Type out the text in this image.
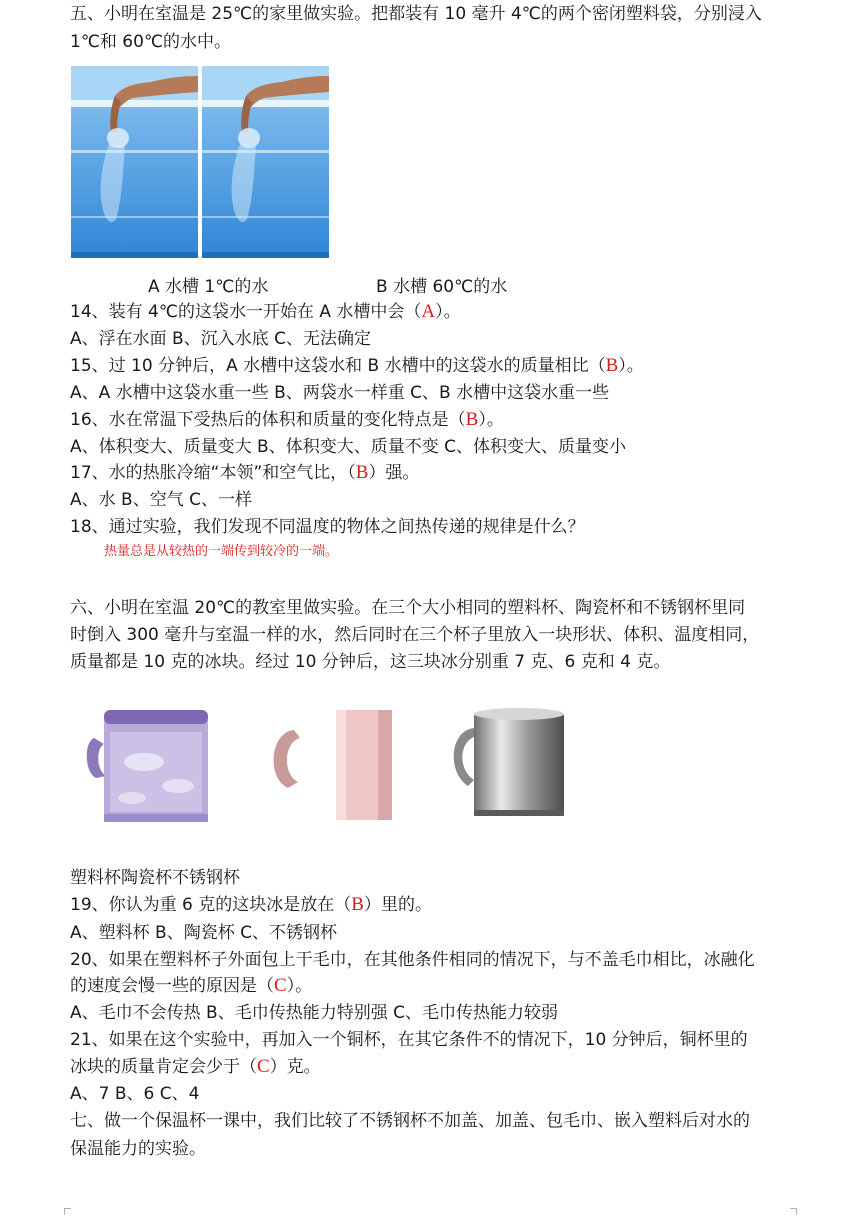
五、小明在室温是 25℃的家里做实验。把都装有 10 毫升 4℃的两个密闭塑料袋，分别浸入
1℃和 60℃的水中。
A 水槽 1℃的水	B 水槽 60℃的水
14、装有 4℃的这袋水一开始在 A 水槽中会（A）。
A、浮在水面 B、沉入水底 C、无法确定
15、过 10 分钟后，A 水槽中这袋水和 B 水槽中的这袋水的质量相比（B）。
A、A 水槽中这袋水重一些 B、两袋水一样重 C、B 水槽中这袋水重一些
16、水在常温下受热后的体积和质量的变化特点是（B）。
A、体积变大、质量变大 B、体积变大、质量不变 C、体积变大、质量变小
17、水的热胀冷缩“本领”和空气比，（B）强。
A、水 B、空气 C、一样
18、通过实验，我们发现不同温度的物体之间热传递的规律是什么？
热量总是从较热的一端传到较冷的一端。
六、小明在室温 20℃的教室里做实验。在三个大小相同的塑料杯、陶瓷杯和不锈钢杯里同
时倒入 300 毫升与室温一样的水，然后同时在三个杯子里放入一块形状、体积、温度相同，
质量都是 10 克的冰块。经过 10 分钟后，这三块冰分别重 7 克、6 克和 4 克。
塑料杯陶瓷杯不锈钢杯
19、你认为重 6 克的这块冰是放在（B）里的。
A、塑料杯 B、陶瓷杯 C、不锈钢杯
20、如果在塑料杯子外面包上干毛巾，在其他条件相同的情况下，与不盖毛巾相比，冰融化
的速度会慢一些的原因是（C）。
A、毛巾不会传热 B、毛巾传热能力特别强 C、毛巾传热能力较弱
21、如果在这个实验中，再加入一个铜杯，在其它条件不的情况下，10 分钟后，铜杯里的
冰块的质量肯定会少于（C）克。
A、7 B、6 C、4
七、做一个保温杯一课中，我们比较了不锈钢杯不加盖、加盖、包毛巾、嵌入塑料后对水的
保温能力的实验。
